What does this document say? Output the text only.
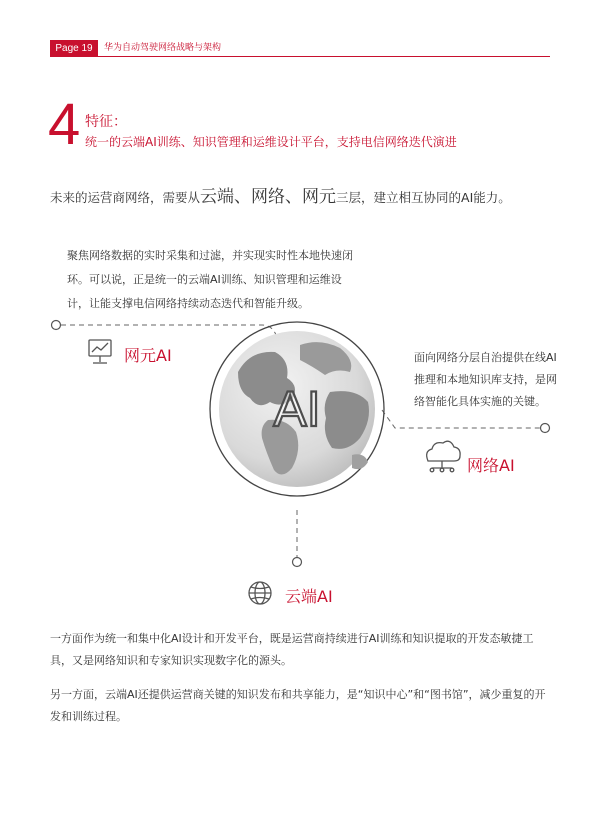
Page 19	华为自动驾驶网络战略与架构
4 特征：
统一的云端AI训练、知识管理和运维设计平台，支持电信网络迭代演进
未来的运营商网络，需要从云端、网络、网元三层，建立相互协同的AI能力。
AI
聚焦网络数据的实时采集和过滤，并实现实时性本地快速闭环。可以说，正是统一的云端AI训练、知识管理和运维设计，让能支撑电信网络持续动态迭代和智能升级。
网元AI	面向网络分层自治提供在线AI推理和本地知识库支持，是网络智能化具体实施的关键。
网络AI
云端AI
一方面作为统一和集中化AI设计和开发平台，既是运营商持续进行AI训练和知识提取的开发态敏捷工具，又是网络知识和专家知识实现数字化的源头。
另一方面，云端AI还提供运营商关键的知识发布和共享能力，是“知识中心”和“图书馆”，减少重复的开发和训练过程。
